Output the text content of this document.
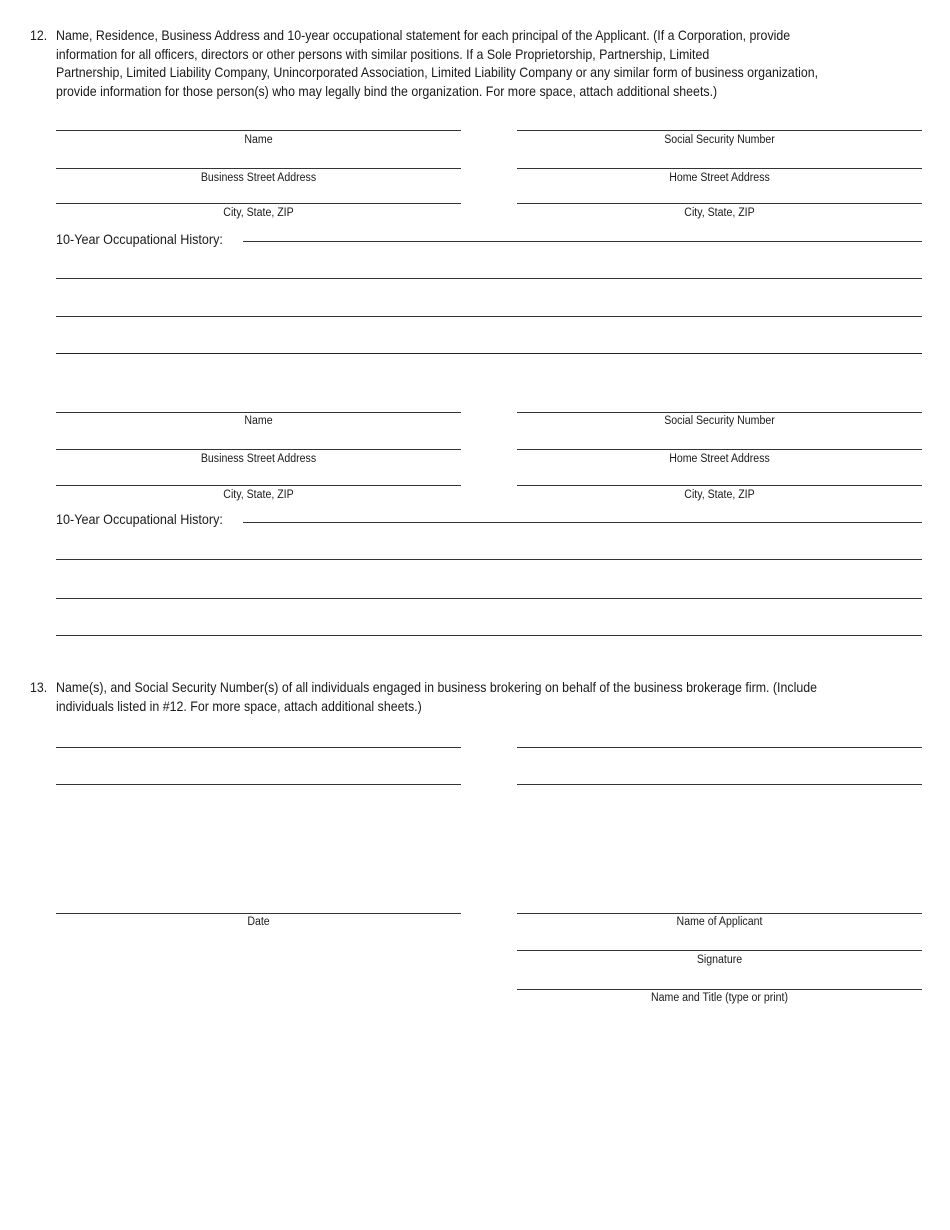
12. Name, Residence, Business Address and 10-year occupational statement for each principal of the Applicant. (If a Corporation, provide
information for all officers, directors or other persons with similar positions. If a Sole Proprietorship, Partnership, Limited
Partnership, Limited Liability Company, Unincorporated Association, Limited Liability Company or any similar form of business organization,
provide information for those person(s) who may legally bind the organization. For more space, attach additional sheets.)
Name	Social Security Number
Business Street Address	Home Street Address
City, State, ZIP	City, State, ZIP
10-Year Occupational History:
Name	Social Security Number
Business Street Address	Home Street Address
City, State, ZIP	City, State, ZIP
10-Year Occupational History:
13. Name(s), and Social Security Number(s) of all individuals engaged in business brokering on behalf of the business brokerage firm. (Include
individuals listed in #12. For more space, attach additional sheets.)
Date	Name of Applicant
Signature
Name and Title (type or print)
